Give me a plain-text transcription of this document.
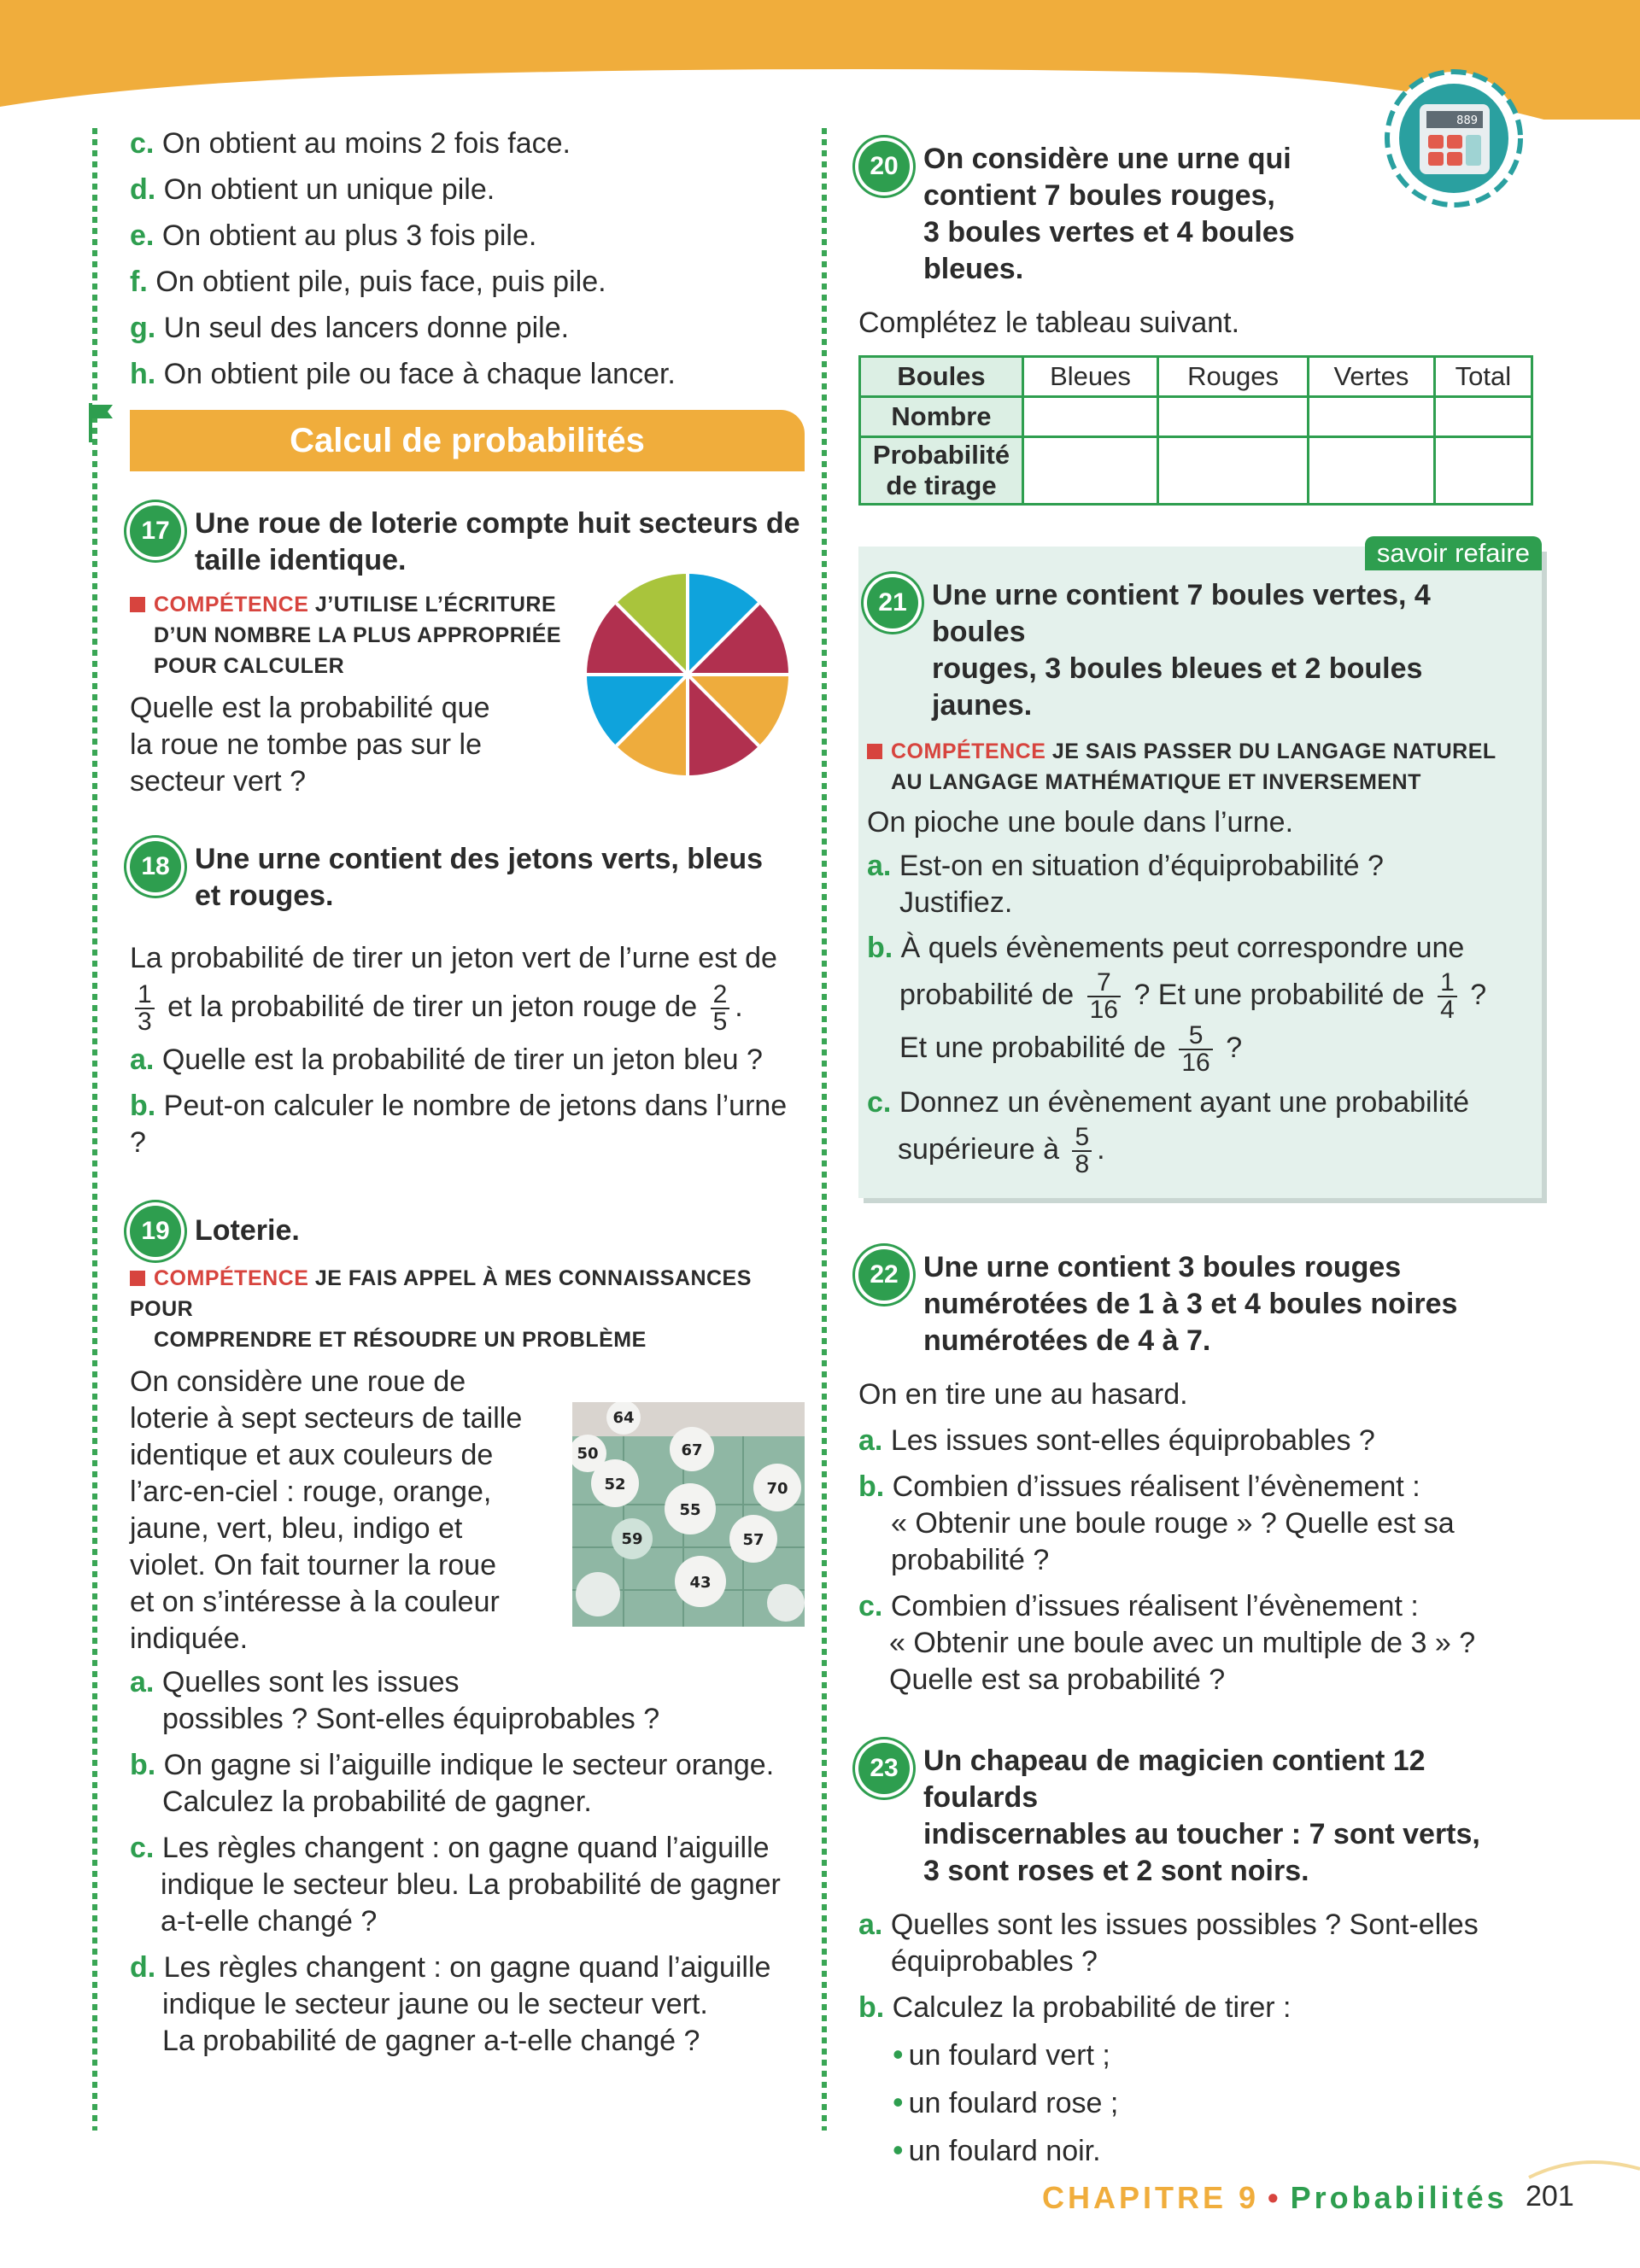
889
c. On obtient au moins 2 fois face.
d. On obtient un unique pile.
e. On obtient au plus 3 fois pile.
f. On obtient pile, puis face, puis pile.
g. Un seul des lancers donne pile.
h. On obtient pile ou face à chaque lancer.
Calcul de probabilités
17 Une roue de loterie compte huit secteurs de
taille identique.
COMPÉTENCE J’UTILISE L’ÉCRITURE
D’UN NOMBRE LA PLUS APPROPRIÉE
POUR CALCULER
Quelle est la probabilité que
la roue ne tombe pas sur le
secteur vert ?
18 Une urne contient des jetons verts, bleus
et rouges.
La probabilité de tirer un jeton vert de l’urne est de
$\frac{1}{3}$ et la probabilité de tirer un jeton rouge de $\frac{2}{5}$ .
a. Quelle est la probabilité de tirer un jeton bleu ?
b. Peut-on calculer le nombre de jetons dans l’urne ?
19 Loterie.
COMPÉTENCE JE FAIS APPEL À MES CONNAISSANCES POUR
COMPRENDRE ET RÉSOUDRE UN PROBLÈME
On considère une roue de
loterie à sept secteurs de taille
identique et aux couleurs de
l’arc-en-ciel : rouge, orange,
jaune, vert, bleu, indigo et
violet. On fait tourner la roue
et on s’intéresse à la couleur
indiquée.
64
67
50
52
55
70
57
43
59
a. Quelles sont les issues
possibles ? Sont-elles équiprobables ?
b. On gagne si l’aiguille indique le secteur orange.
Calculez la probabilité de gagner.
c. Les règles changent : on gagne quand l’aiguille
indique le secteur bleu. La probabilité de gagner
a-t-elle changé ?
d. Les règles changent : on gagne quand l’aiguille
indique le secteur jaune ou le secteur vert.
La probabilité de gagner a-t-elle changé ?
20 On considère une urne qui
contient 7 boules rouges,
3 boules vertes et 4 boules
bleues.
Complétez le tableau suivant.
Boules	Bleues	Rouges	Vertes	Total
Nombre				
Probabilité
de tirage				
savoir refaire
21 Une urne contient 7 boules vertes, 4 boules
rouges, 3 boules bleues et 2 boules jaunes.
COMPÉTENCE JE SAIS PASSER DU LANGAGE NATUREL
AU LANGAGE MATHÉMATIQUE ET INVERSEMENT
On pioche une boule dans l’urne.
a. Est-on en situation d’équiprobabilité ?
Justifiez.
b. À quels évènements peut correspondre une
probabilité de $\frac{7}{16}$ ? Et une probabilité de $\frac{1}{4}$ ?
Et une probabilité de $\frac{5}{16}$ ?
c. Donnez un évènement ayant une probabilité
supérieure à $\frac{5}{8}$ .
22 Une urne contient 3 boules rouges
numérotées de 1 à 3 et 4 boules noires
numérotées de 4 à 7.
On en tire une au hasard.
a. Les issues sont-elles équiprobables ?
b. Combien d’issues réalisent l’évènement :
« Obtenir une boule rouge » ? Quelle est sa
probabilité ?
c. Combien d’issues réalisent l’évènement :
« Obtenir une boule avec un multiple de 3 » ?
Quelle est sa probabilité ?
23 Un chapeau de magicien contient 12 foulards
indiscernables au toucher : 7 sont verts,
3 sont roses et 2 sont noirs.
a. Quelles sont les issues possibles ? Sont-elles
équiprobables ?
b. Calculez la probabilité de tirer :
• un foulard vert ;
• un foulard rose ;
• un foulard noir.
CHAPITRE 9 • Probabilités 201
